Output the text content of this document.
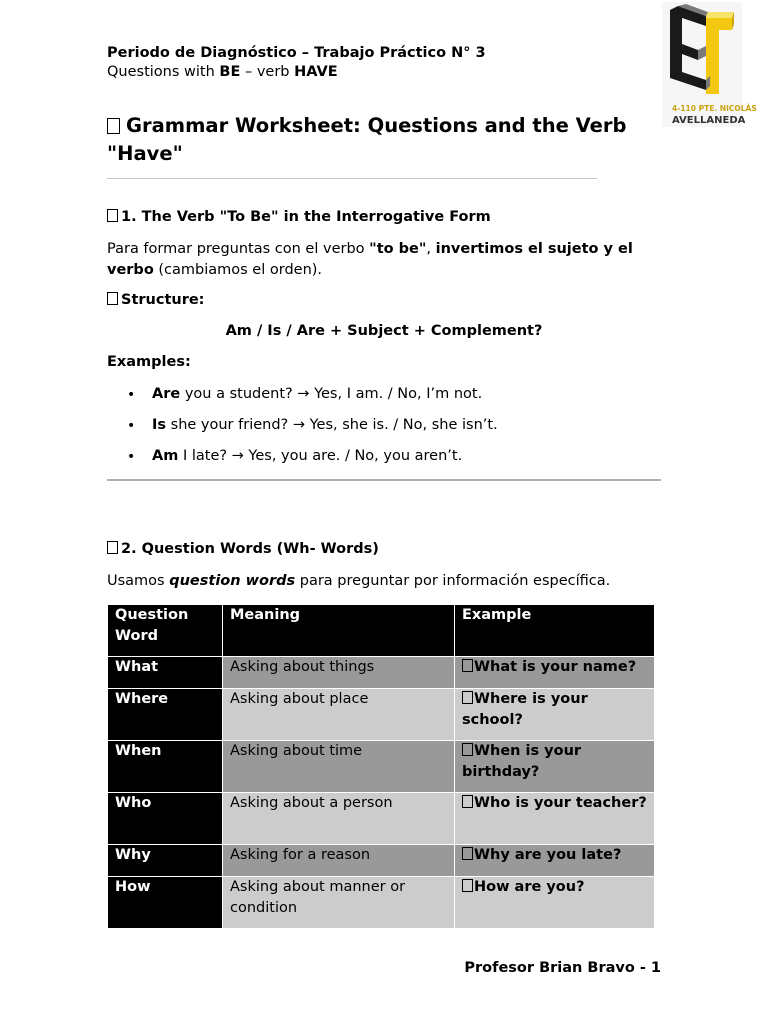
Periodo de Diagnóstico – Trabajo Práctico N° 3
Questions with BE – verb HAVE
4-110 PTE. NICOLÁS
AVELLANEDA
Grammar Worksheet: Questions and the Verb "Have"
1. The Verb "To Be" in the Interrogative Form
Para formar preguntas con el verbo "to be", invertimos el sujeto y el verbo (cambiamos el orden).
Structure:
Am / Is / Are + Subject + Complement?
Examples:
• Are you a student? → Yes, I am. / No, I’m not.
• Is she your friend? → Yes, she is. / No, she isn’t.
• Am I late? → Yes, you are. / No, you aren’t.
2. Question Words (Wh- Words)
Usamos question words para preguntar por información específica.
Question Word	Meaning	Example
What	Asking about things	What is your name?
Where	Asking about place	Where is your school?
When	Asking about time	When is your birthday?
Who	Asking about a person	Who is your teacher?
Why	Asking for a reason	Why are you late?
How	Asking about manner or condition	How are you?
Profesor Brian Bravo - 1
